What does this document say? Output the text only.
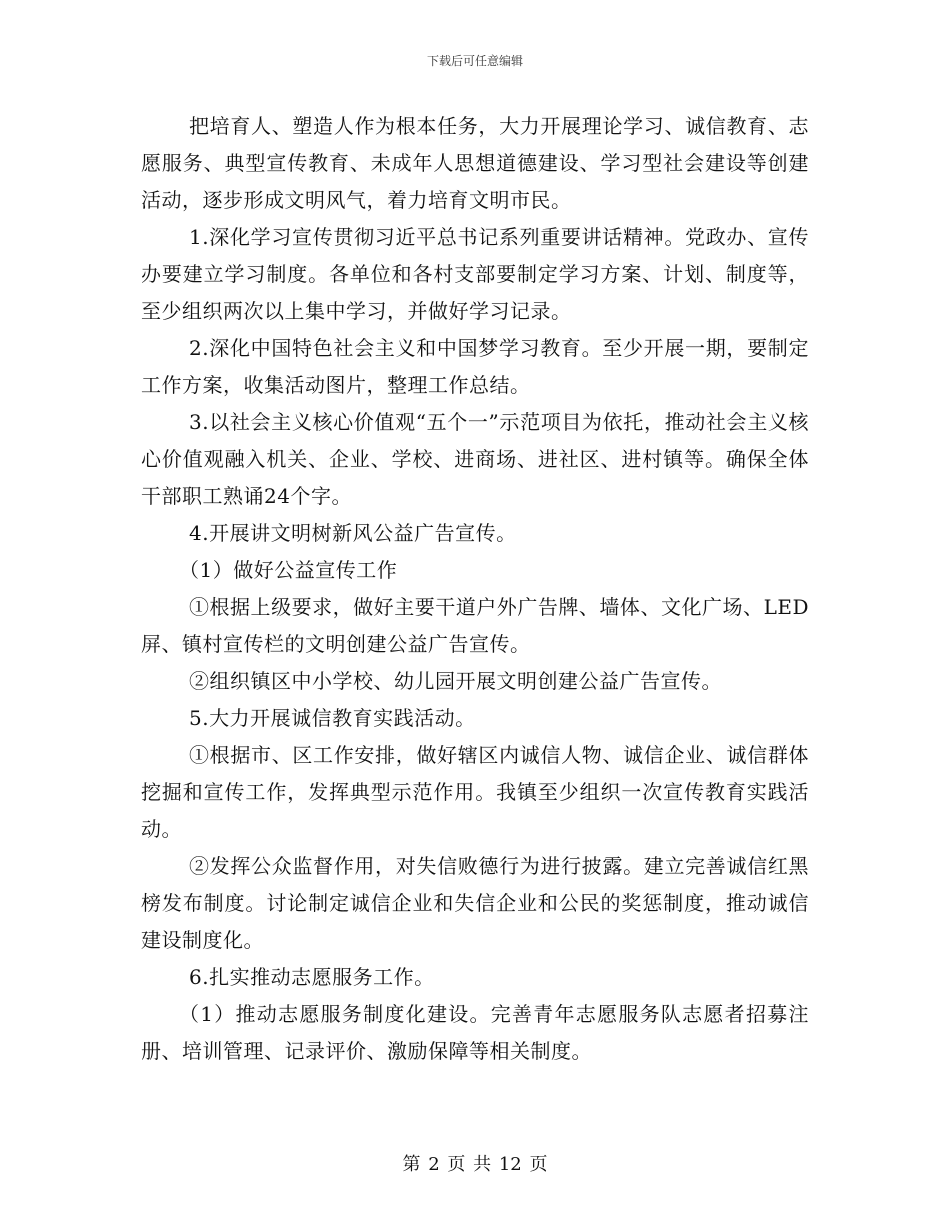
下载后可任意编辑

把培育人、塑造人作为根本任务，大力开展理论学习、诚信教育、志愿服务、典型宣传教育、未成年人思想道德建设、学习型社会建设等创建活动，逐步形成文明风气，着力培育文明市民。

1.深化学习宣传贯彻习近平总书记系列重要讲话精神。党政办、宣传办要建立学习制度。各单位和各村支部要制定学习方案、计划、制度等，至少组织两次以上集中学习，并做好学习记录。

2.深化中国特色社会主义和中国梦学习教育。至少开展一期，要制定工作方案，收集活动图片，整理工作总结。

3.以社会主义核心价值观“五个一”示范项目为依托，推动社会主义核心价值观融入机关、企业、学校、进商场、进社区、进村镇等。确保全体干部职工熟诵24个字。

4.开展讲文明树新风公益广告宣传。

（1）做好公益宣传工作

①根据上级要求，做好主要干道户外广告牌、墙体、文化广场、LED屏、镇村宣传栏的文明创建公益广告宣传。

②组织镇区中小学校、幼儿园开展文明创建公益广告宣传。

5.大力开展诚信教育实践活动。

①根据市、区工作安排，做好辖区内诚信人物、诚信企业、诚信群体挖掘和宣传工作，发挥典型示范作用。我镇至少组织一次宣传教育实践活动。

②发挥公众监督作用，对失信败德行为进行披露。建立完善诚信红黑榜发布制度。讨论制定诚信企业和失信企业和公民的奖惩制度，推动诚信建设制度化。

6.扎实推动志愿服务工作。

（1）推动志愿服务制度化建设。完善青年志愿服务队志愿者招募注册、培训管理、记录评价、激励保障等相关制度。

第 2 页 共 12 页
